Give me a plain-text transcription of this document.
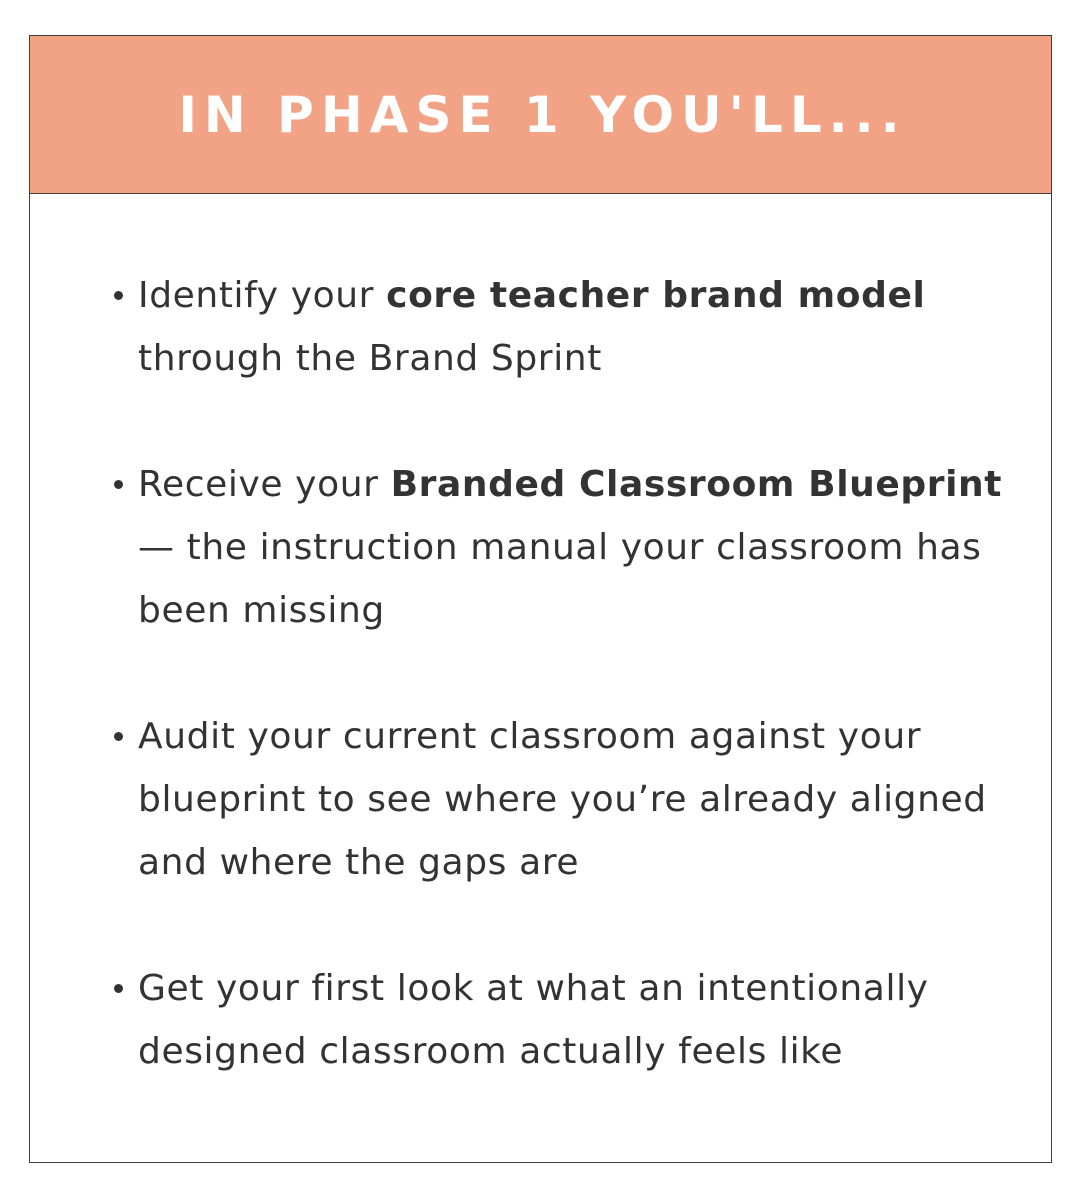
IN PHASE 1 YOU'LL...
Identify your core teacher brand model through the Brand Sprint
Receive your Branded Classroom Blueprint — the instruction manual your classroom has been missing
Audit your current classroom against your blueprint to see where you’re already aligned and where the gaps are
Get your first look at what an intentionally designed classroom actually feels like
